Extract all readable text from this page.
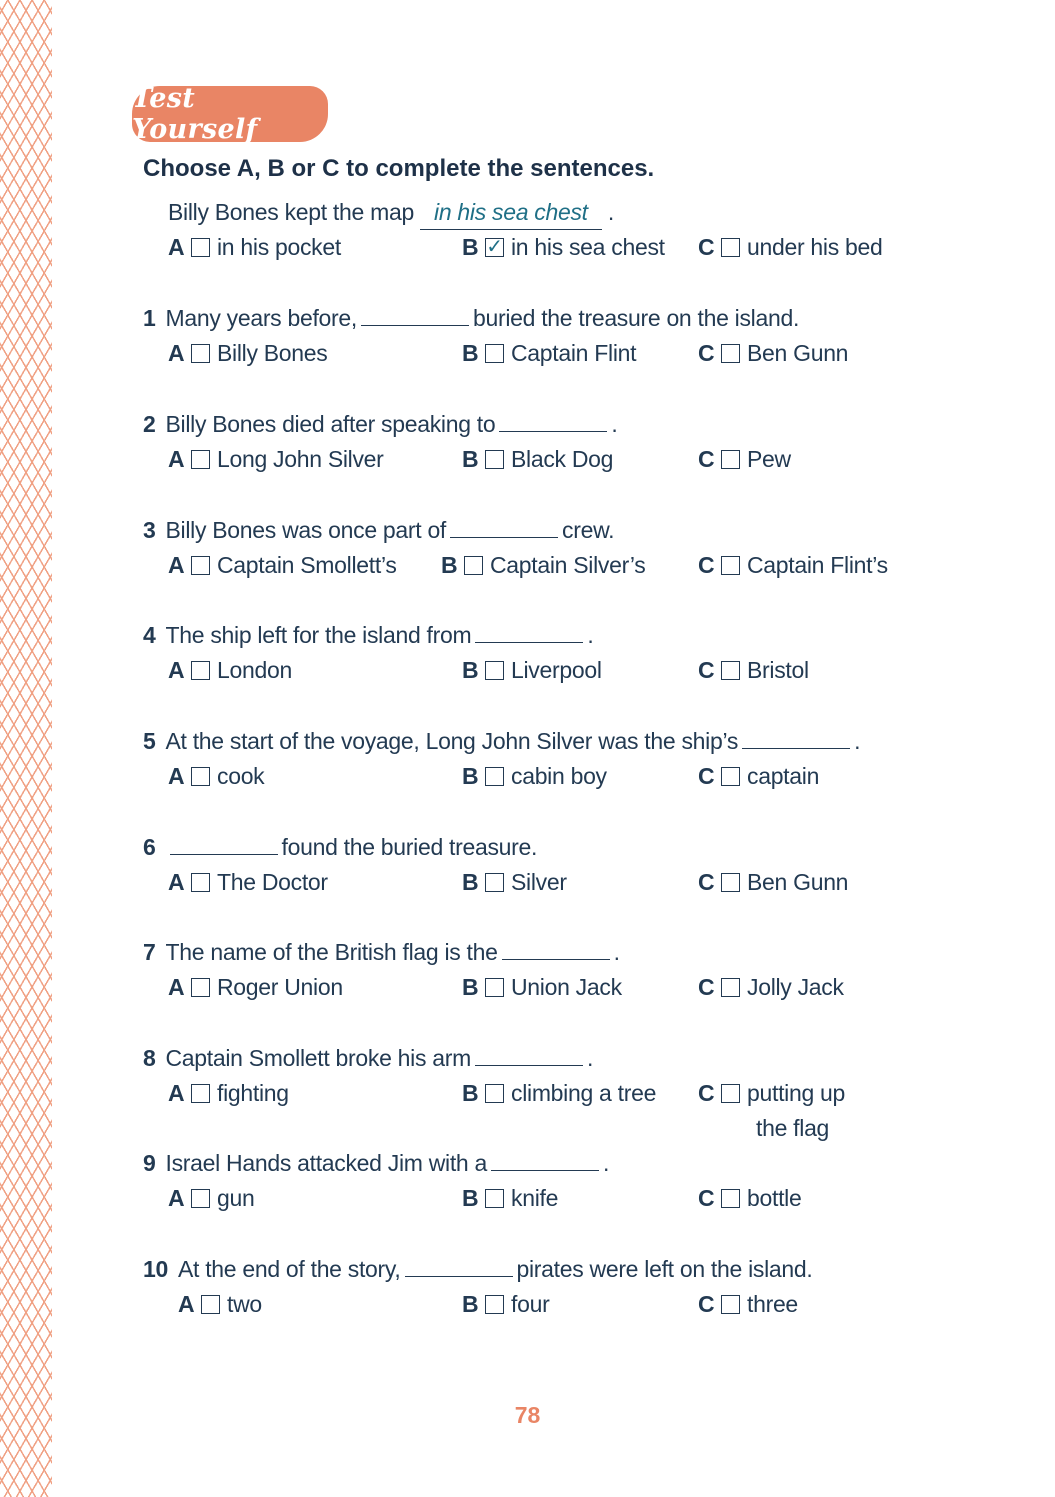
Test Yourself
Choose A, B or C to complete the sentences.
Billy Bones kept the map in his sea chest .
A in his pocket	B ✓ in his sea chest C under his bed
1 Many years before,	buried the treasure on the island.
A Billy Bones	B Captain Flint	C Ben Gunn
2 Billy Bones died after speaking to	.
A Long John Silver	B Black Dog	C Pew
3 Billy Bones was once part of	crew.
A Captain Smollett’s B Captain Silver’s C Captain Flint’s
4 The ship left for the island from	.
A London	B Liverpool	C Bristol
5 At the start of the voyage, Long John Silver was the ship’s	.
A cook	B cabin boy	C captain
6	found the buried treasure.
A The Doctor	B Silver	C Ben Gunn
7 The name of the British flag is the	.
A Roger Union	B Union Jack	C Jolly Jack
8 Captain Smollett broke his arm	.
A fighting	B climbing a tree C putting up
the flag
9 Israel Hands attacked Jim with a	.
A gun	B knife	C bottle
10 At the end of the story,	pirates were left on the island.
A two	B four	C three
78
